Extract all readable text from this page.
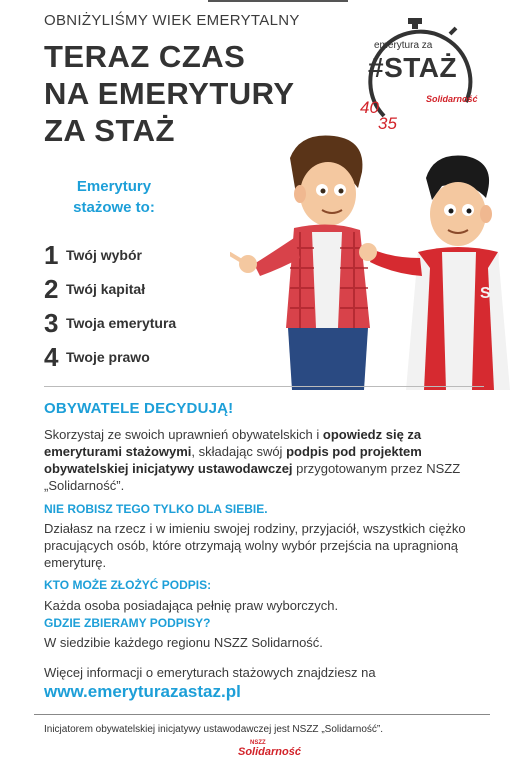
OBNIŻYLIŚMY WIEK EMERYTALNY
TERAZ CZAS
NA EMERYTURY
ZA STAŻ
emerytura za
#STAŻ
40
35
Solidarność
Emerytury
stażowe to:
1 Twój wybór
2 Twój kapitał
3 Twoja emerytura
4 Twoje prawo
S
OBYWATELE DECYDUJĄ!

Skorzystaj ze swoich uprawnień obywatelskich i opowiedz się za emeryturami stażowymi, składając swój podpis pod projektem obywatelskiej inicjatywy ustawodawczej przygotowanym przez NSZZ „Solidarność”.

NIE ROBISZ TEGO TYLKO DLA SIEBIE.

Działasz na rzecz i w imieniu swojej rodziny, przyjaciół, wszystkich ciężko pracujących osób, które otrzymają wolny wybór przejścia na upragnioną emeryturę.

KTO MOŻE ZŁOŻYĆ PODPIS:

Każda osoba posiadająca pełnię praw wyborczych.

GDZIE ZBIERAMY PODPISY?

W siedzibie każdego regionu NSZZ Solidarność.

Więcej informacji o emeryturach stażowych znajdziesz na

www.emeryturazastaz.pl
Inicjatorem obywatelskiej inicjatywy ustawodawczej jest NSZZ „Solidarność”.
NSZZ
Solidarność
